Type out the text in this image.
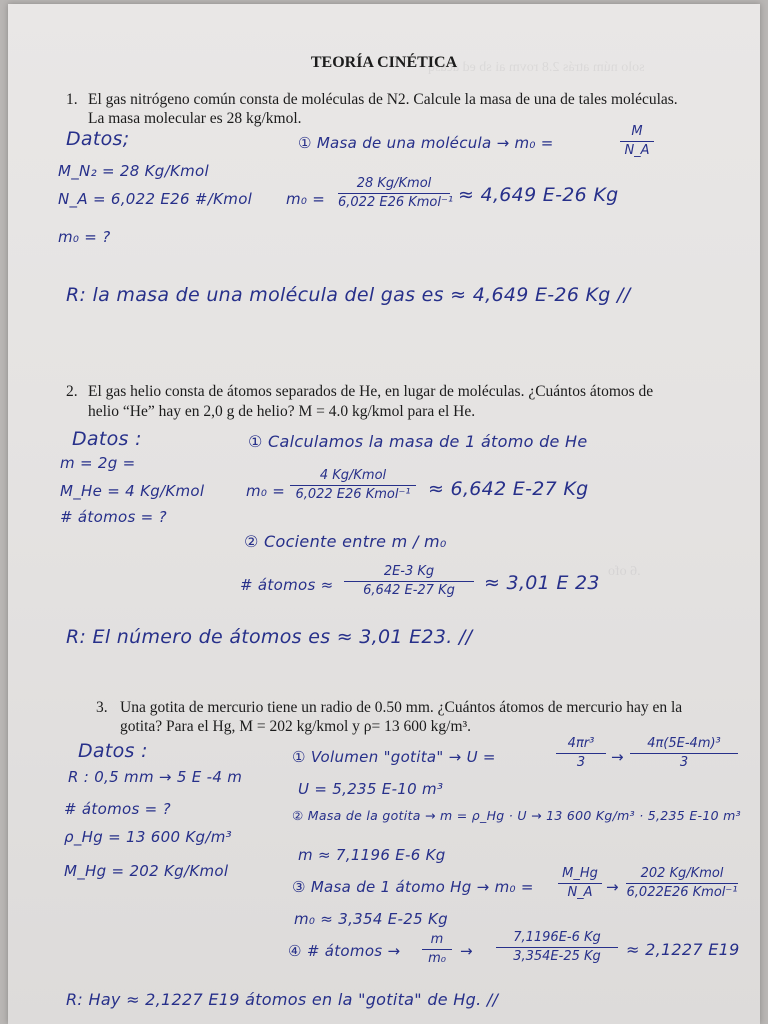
solo núm atrás 2.8 rovm ai sb ed acasq
.6 ofo
TEORÍA CINÉTICA
1. El gas nitrógeno común consta de moléculas de N2. Calcule la masa de una de tales moléculas.
La masa molecular es 28 kg/kmol.
Datos;
M_N₂ = 28 Kg/Kmol
N_A = 6,022 E26 #/Kmol
m₀ = ?
① Masa de una molécula → m₀ =
M
N_A
m₀ =
28 Kg/Kmol
6,022 E26 Kmol⁻¹ ≈ 4,649 E-26 Kg
R: la masa de una molécula del gas es ≈ 4,649 E-26 Kg //
2. El gas helio consta de átomos separados de He, en lugar de moléculas. ¿Cuántos átomos de
helio “He” hay en 2,0 g de helio? M = 4.0 kg/kmol para el He.
Datos :
m = 2g =
M_He = 4 Kg/Kmol
# átomos = ?
① Calculamos la masa de 1 átomo de He
m₀ =
4 Kg/Kmol
6,022 E26 Kmol⁻¹ ≈ 6,642 E-27 Kg
② Cociente entre m / m₀
# átomos ≈
2E-3 Kg
6,642 E-27 Kg	≈ 3,01 E 23
R: El número de átomos es ≈ 3,01 E23. //
3. Una gotita de mercurio tiene un radio de 0.50 mm. ¿Cuántos átomos de mercurio hay en la
gotita? Para el Hg, M = 202 kg/kmol y ρ= 13 600 kg/m³.
Datos :
R : 0,5 mm → 5 E -4 m
# átomos = ?
ρ_Hg = 13 600 Kg/m³
M_Hg = 202 Kg/Kmol
① Volumen "gotita" → U =
4πr³
3	→
4π(5E-4m)³
3
U = 5,235 E-10 m³
② Masa de la gotita → m = ρ_Hg · U → 13 600 Kg/m³ · 5,235 E-10 m³
m ≈ 7,1196 E-6 Kg
③ Masa de 1 átomo Hg → m₀ =
M_Hg
N_A →
202 Kg/Kmol
6,022E26 Kmol⁻¹
m₀ ≈ 3,354 E-25 Kg
④ # átomos →
m
m₀ →
7,1196E-6 Kg
3,354E-25 Kg	≈ 2,1227 E19
R: Hay ≈ 2,1227 E19 átomos en la "gotita" de Hg. //
